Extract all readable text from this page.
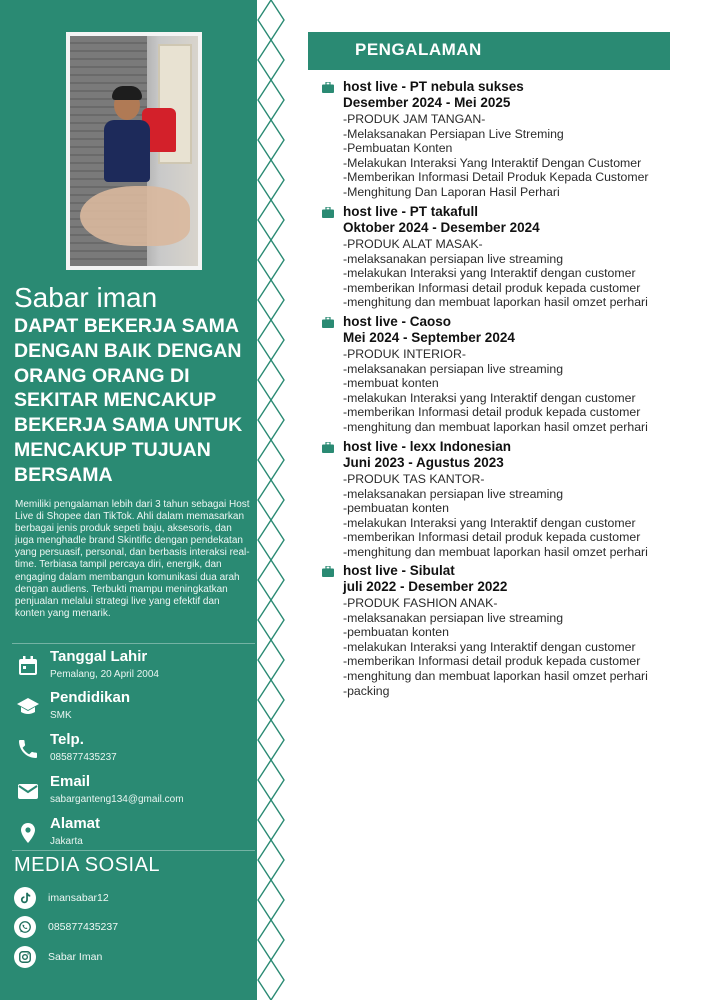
Sabar iman
DAPAT BEKERJA SAMA DENGAN BAIK DENGAN ORANG ORANG DI SEKITAR MENCAKUP BEKERJA SAMA UNTUK MENCAKUP TUJUAN BERSAMA
Memiliki pengalaman lebih dari 3 tahun sebagai Host Live di Shopee dan TikTok. Ahli dalam memasarkan berbagai jenis produk sepeti baju, aksesoris, dan juga menghadle brand Skintific dengan pendekatan yang persuasif, personal, dan berbasis interaksi real-time. Terbiasa tampil percaya diri, energik, dan engaging dalam membangun komunikasi dua arah dengan audiens. Terbukti mampu meningkatkan penjualan melalui strategi live yang efektif dan konten yang menarik.
Tanggal Lahir
Pemalang, 20 April 2004
Pendidikan
SMK
Telp.
085877435237
Email
sabarganteng134@gmail.com
Alamat
Jakarta
MEDIA SOSIAL
imansabar12
085877435237
Sabar Iman
PENGALAMAN
host live - PT nebula sukses
Desember 2024 - Mei 2025
-PRODUK JAM TANGAN-
-Melaksanakan Persiapan Live Streming
-Pembuatan Konten
-Melakukan Interaksi Yang Interaktif Dengan Customer
-Memberikan Informasi Detail Produk Kepada Customer
-Menghitung Dan Laporan Hasil Perhari
host live - PT takafull
Oktober 2024 - Desember 2024
-PRODUK ALAT MASAK-
-melaksanakan persiapan live streaming
-melakukan Interaksi yang Interaktif dengan customer
-memberikan Informasi detail produk kepada customer
-menghitung dan membuat laporkan hasil omzet perhari
host live - Caoso
Mei 2024 - September 2024
-PRODUK INTERIOR-
-melaksanakan persiapan live streaming
-membuat konten
-melakukan Interaksi yang Interaktif dengan customer
-memberikan Informasi detail produk kepada customer
-menghitung dan membuat laporkan hasil omzet perhari
host live - lexx Indonesian
Juni 2023 - Agustus 2023
-PRODUK TAS KANTOR-
-melaksanakan persiapan live streaming
-pembuatan konten
-melakukan Interaksi yang Interaktif dengan customer
-memberikan Informasi detail produk kepada customer
-menghitung dan membuat laporkan hasil omzet perhari
host live - Sibulat
juli 2022 - Desember 2022
-PRODUK FASHION ANAK-
-melaksanakan persiapan live streaming
-pembuatan konten
-melakukan Interaksi yang Interaktif dengan customer
-memberikan Informasi detail produk kepada customer
-menghitung dan membuat laporkan hasil omzet perhari
-packing
